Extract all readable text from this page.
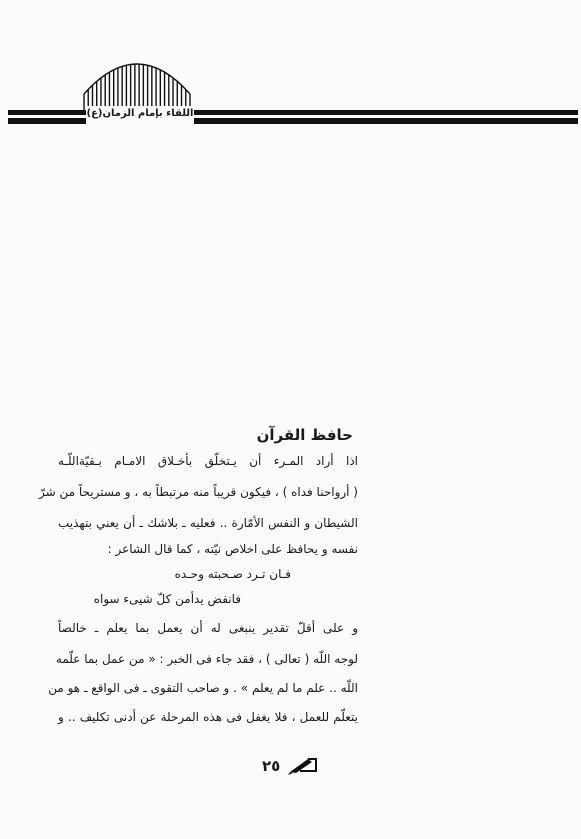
اللقاء بإمام الزمان(ع)
حافظ القرآن
اذا أراد المـرء أن يـتخلّق بأخـلاق الامـام بـقيّةاللّـه
( أرواحنا فداه ) ، فيكون قريباً منه مرتبطاً به ، و مستريحاً من شرّ
الشيطان و النفس الأمّارة .. فعليه ـ بلاشك ـ أن يعني بتهذيب
نفسه و يحافظ على اخلاص نيّته ، كما قال الشاعر :
فـان تـرد صـحبته وحـده
فانفض يدأمن كلّ شيىء سواه
و على أقلّ تقدير ينبغى له أن يعمل بما يعلم ـ خالصاً
لوجه اللّه ( تعالى ) ، فقد جاء فى الخبر : « من عمل بما علّمه
اللّه .. علم ما لم يعلم » . و صاحب التقوى ـ فى الواقع ـ هو من
يتعلّم للعمل ، فلا يغفل فى هذه المرحلة عن أدنى تكليف .. و
٢٥
